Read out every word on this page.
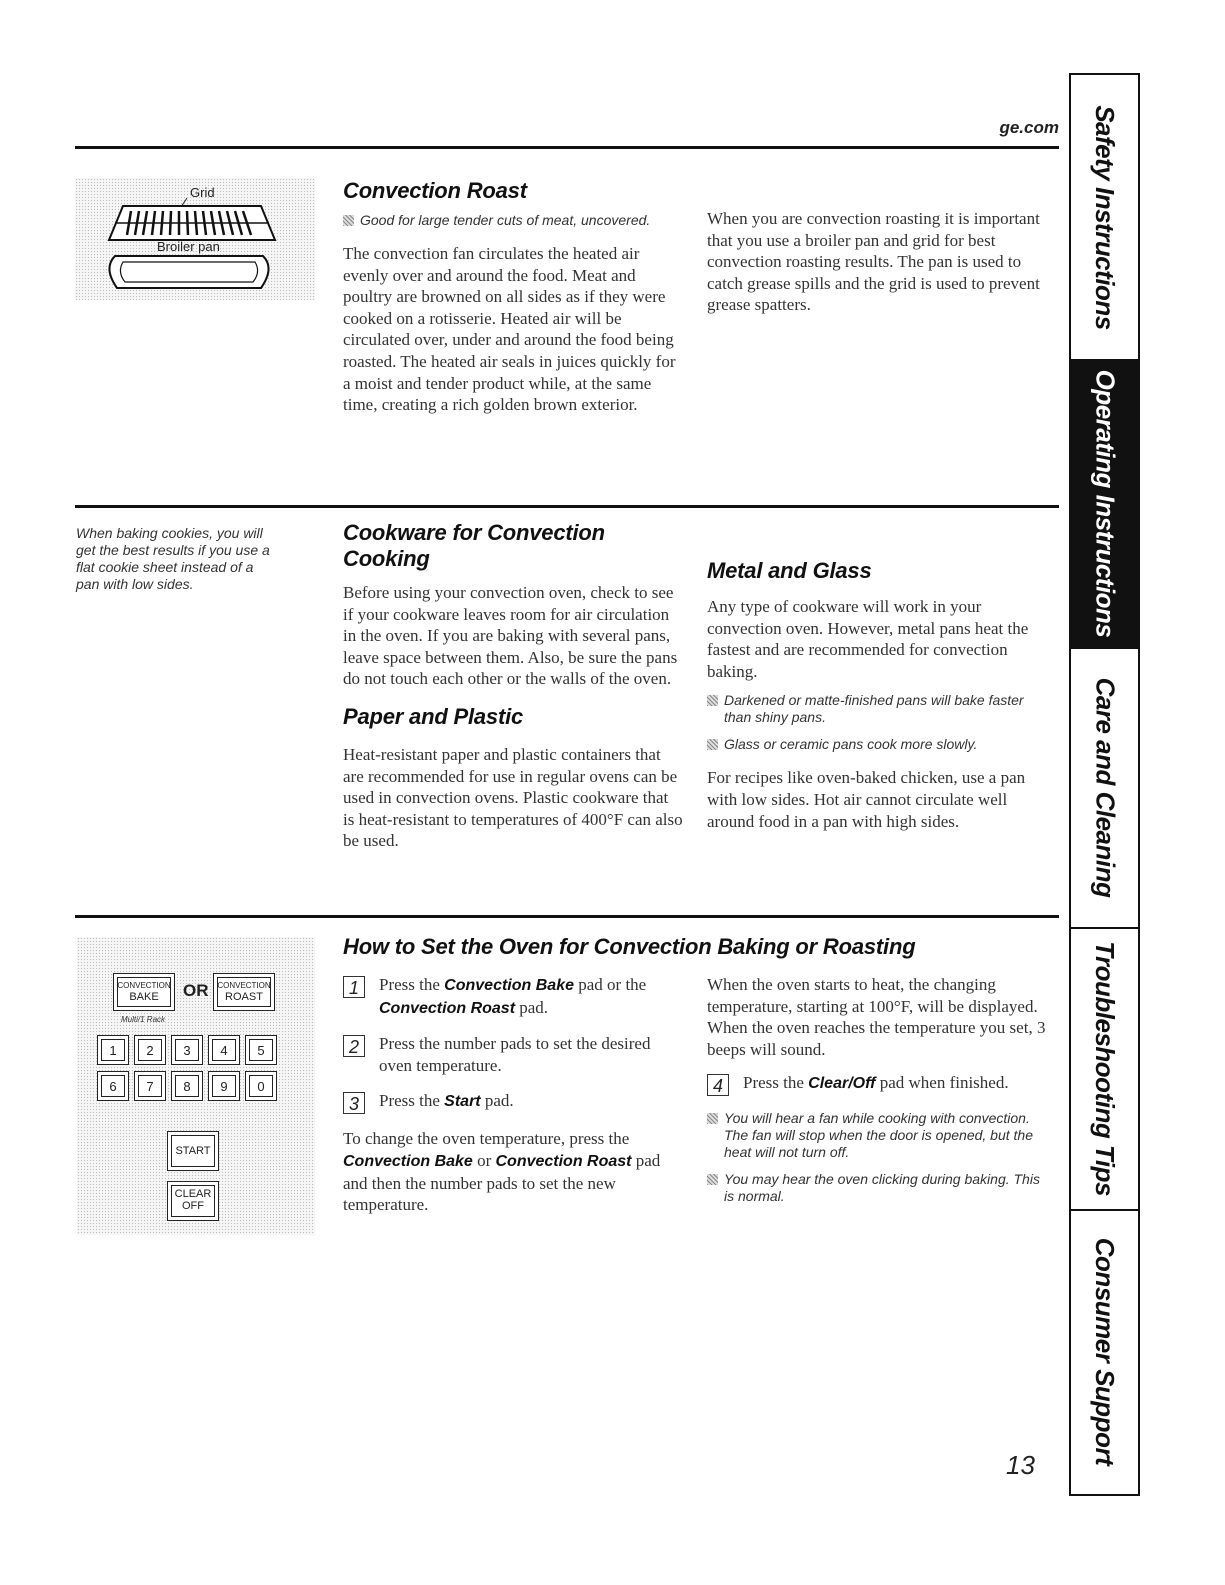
ge.com
Grid
Broiler pan
Convection Roast
Good for large tender cuts of meat, uncovered.

The convection fan circulates the heated air evenly over and around the food. Meat and poultry are browned on all sides as if they were cooked on a rotisserie. Heated air will be circulated over, under and around the food being roasted. The heated air seals in juices quickly for a moist and tender product while, at the same time, creating a rich golden brown exterior.

When you are convection roasting it is important that you use a broiler pan and grid for best convection roasting results. The pan is used to catch grease spills and the grid is used to prevent grease spatters.

When baking cookies, you will get the best results if you use a flat cookie sheet instead of a pan with low sides.
Cookware for Convection Cooking

Before using your convection oven, check to see if your cookware leaves room for air circulation in the oven. If you are baking with several pans, leave space between them. Also, be sure the pans do not touch each other or the walls of the oven.

Paper and Plastic

Heat-resistant paper and plastic containers that are recommended for use in regular ovens can be used in convection ovens. Plastic cookware that is heat-resistant to temperatures of 400°F can also be used.

Metal and Glass

Any type of cookware will work in your convection oven. However, metal pans heat the fastest and are recommended for convection baking.

Darkened or matte-finished pans will bake faster than shiny pans.
Glass or ceramic pans cook more slowly.

For recipes like oven-baked chicken, use a pan with low sides. Hot air cannot circulate well around food in a pan with high sides.

CONVECTION
BAKE	OR	CONVECTION
ROAST
Multi/1 Rack
1	2	3	4	5
6	7	8	9	0
START
CLEAR
OFF
How to Set the Oven for Convection Baking or Roasting
1	Press the Convection Bake pad or the Convection Roast pad.

2	Press the number pads to set the desired oven temperature.

3	Press the Start pad.

To change the oven temperature, press the Convection Bake or Convection Roast pad and then the number pads to set the new temperature.

When the oven starts to heat, the changing temperature, starting at 100°F, will be displayed. When the oven reaches the temperature you set, 3 beeps will sound.

4	Press the Clear/Off pad when finished.

You will hear a fan while cooking with convection. The fan will stop when the door is opened, but the heat will not turn off.
You may hear the oven clicking during baking. This is normal.
Safety Instructions
Operating Instructions
Care and Cleaning
Troubleshooting Tips
Consumer Support
13
